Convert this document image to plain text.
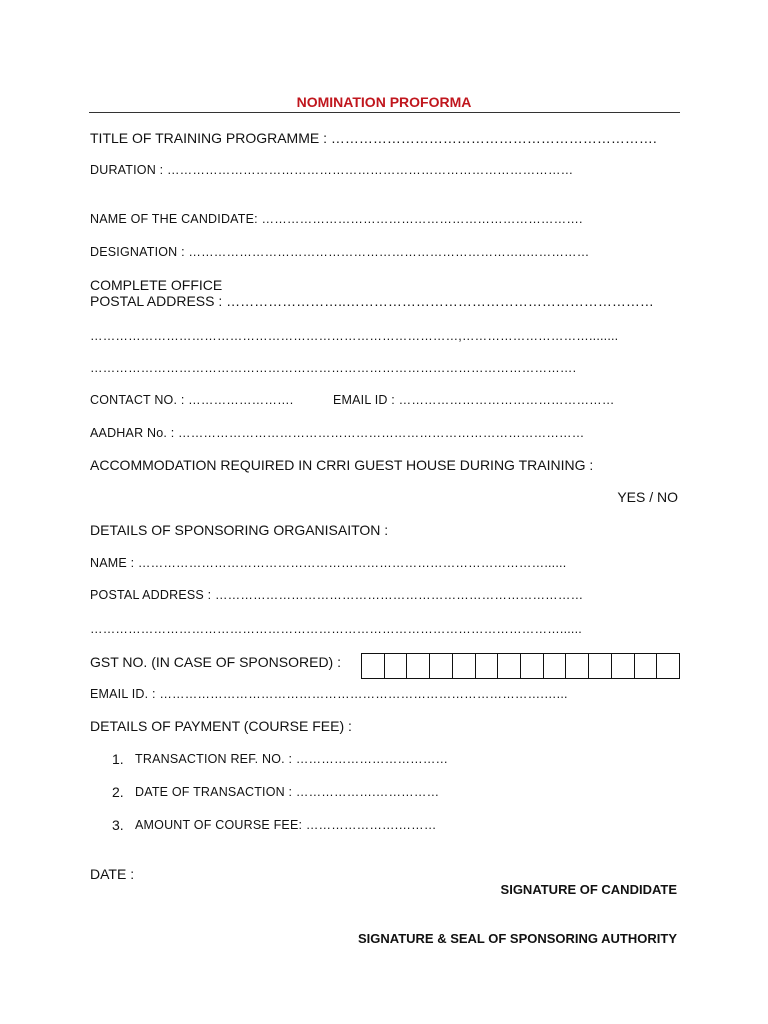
NOMINATION PROFORMA
TITLE OF TRAINING PROGRAMME : …………………………………………………………….
DURATION : ……………………………………………………………………………………
NAME OF THE CANDIDATE: ………………………………………………………………….
DESIGNATION : ……………………………………………………………………..……………
COMPLETE OFFICE
POSTAL ADDRESS : ……………………..…………………………………………………………
……………………………………………………………………………,…………………………........
…………………………………………………………………………………………………….
CONTACT NO. : …………………….	EMAIL ID : ……………………………………………
AADHAR No. : ……………………………………………………………………………………
ACCOMMODATION REQUIRED IN CRRI GUEST HOUSE DURING TRAINING :
YES / NO
DETAILS OF SPONSORING ORGANISAITON :
NAME : ……………………………………………………………………………………......
POSTAL ADDRESS : ……………………………………………………………………………
…………………………………………………………………………………………………......
GST NO. (IN CASE OF SPONSORED) :
EMAIL ID. : ……………………………………………………………………………….…...
DETAILS OF PAYMENT (COURSE FEE) :
1. TRANSACTION REF. NO. : ………………………………
2. DATE OF TRANSACTION : ……………….……………
3. AMOUNT OF COURSE FEE: ………………….………
DATE :
SIGNATURE OF CANDIDATE
SIGNATURE & SEAL OF SPONSORING AUTHORITY
